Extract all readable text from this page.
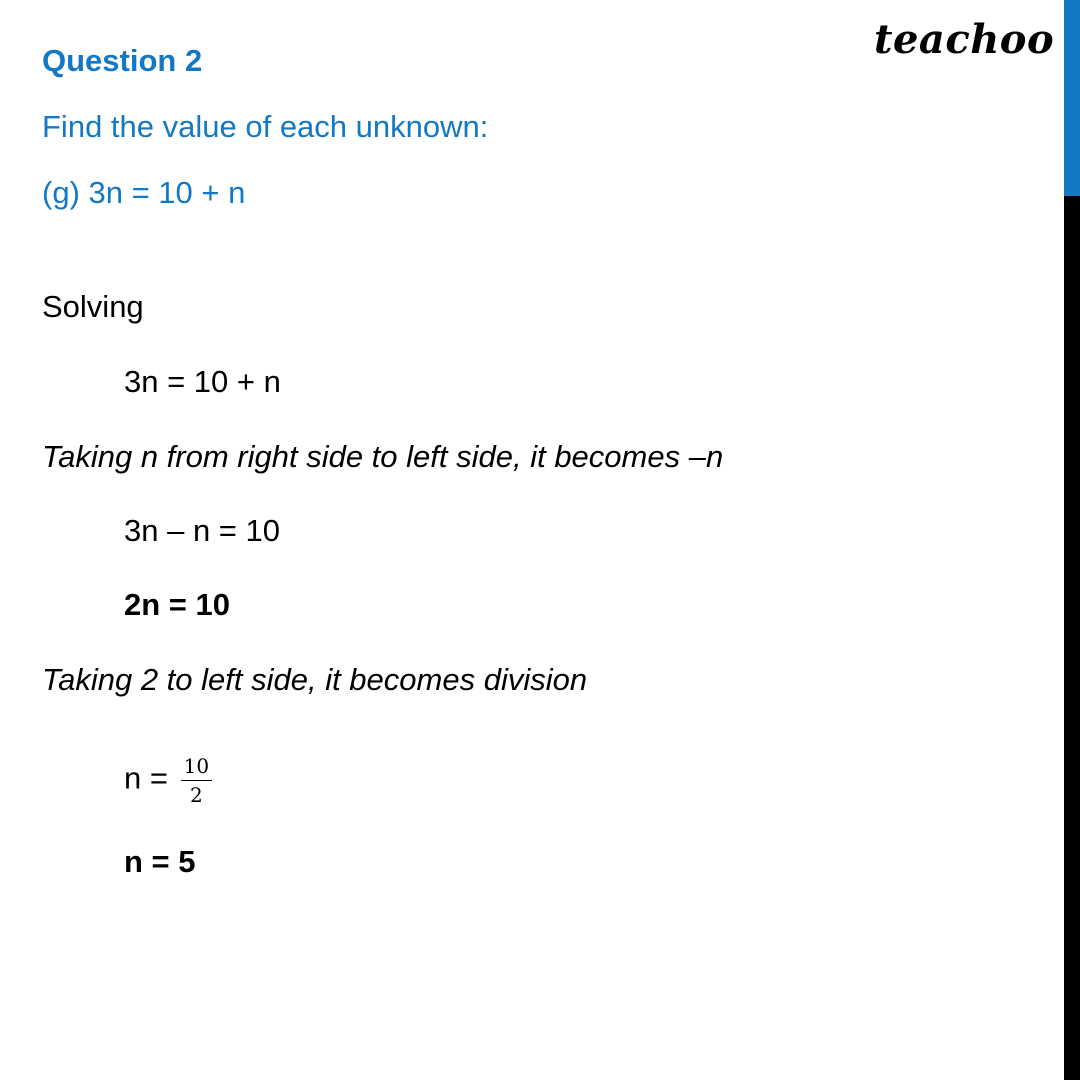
teachoo
Question 2
Find the value of each unknown:
(g) 3n = 10 + n
Solving
3n = 10 + n
Taking n from right side to left side, it becomes –n
3n – n = 10
2n = 10
Taking 2 to left side, it becomes division
$n = \frac{10}{2}$
n = 5
